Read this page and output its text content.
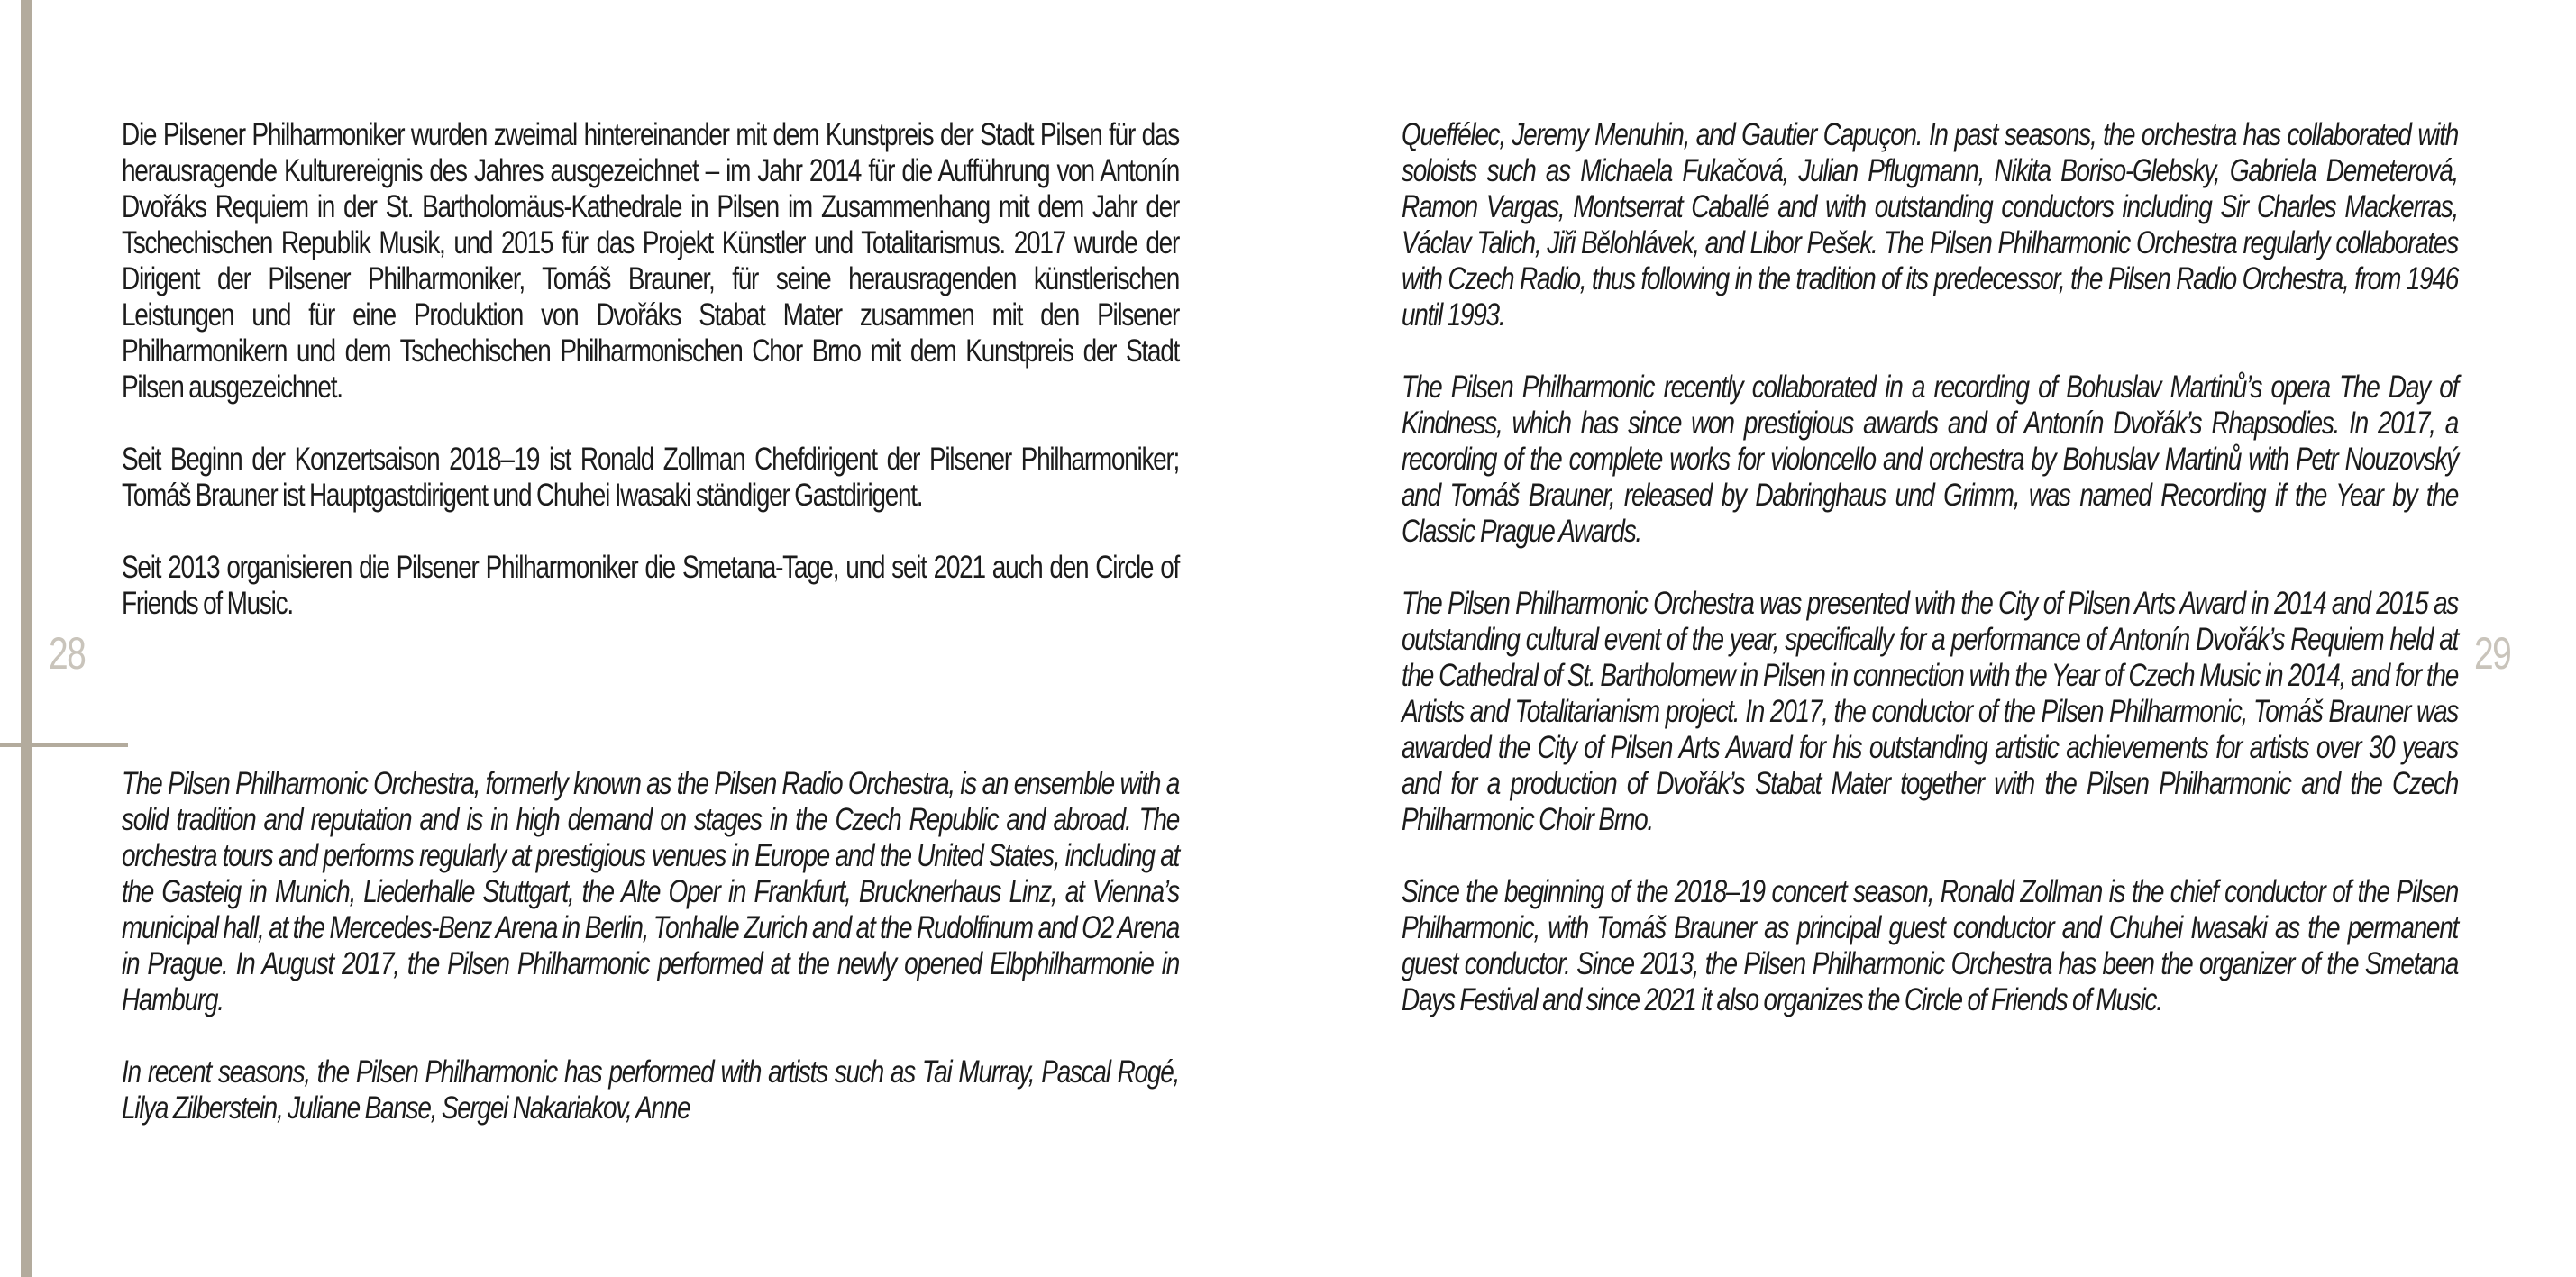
28	29

Die Pilsener Philharmoniker wurden zweimal hintereinander mit dem Kunstpreis der Stadt Pilsen für das herausragende Kulturereignis des Jahres ausgezeichnet – im Jahr 2014 für die Aufführung von Antonín Dvořáks Requiem in der St. Bartholomäus-Kathedrale in Pilsen im Zusammenhang mit dem Jahr der Tschechischen Republik Musik, und 2015 für das Projekt Künstler und Totalitarismus. 2017 wurde der Dirigent der Pilsener Philharmoniker, Tomáš Brauner, für seine herausragenden künstlerischen Leistungen und für eine Produktion von Dvořáks Stabat Mater zusammen mit den Pilsener Philharmonikern und dem Tschechischen Philharmonischen Chor Brno mit dem Kunstpreis der Stadt Pilsen ausgezeichnet.

Seit Beginn der Konzertsaison 2018–19 ist Ronald Zollman Chefdirigent der Pilsener Philharmoniker; Tomáš Brauner ist Hauptgastdirigent und Chuhei Iwasaki ständiger Gastdirigent.

Seit 2013 organisieren die Pilsener Philharmoniker die Smetana-Tage, und seit 2021 auch den Circle of Friends of Music.

The Pilsen Philharmonic Orchestra, formerly known as the Pilsen Radio Orchestra, is an ensemble with a solid tradition and reputation and is in high demand on stages in the Czech Republic and abroad. The orchestra tours and performs regularly at prestigious venues in Europe and the United States, including at the Gasteig in Munich, Liederhalle Stuttgart, the Alte Oper in Frankfurt, Brucknerhaus Linz, at Vienna’s municipal hall, at the Mercedes-Benz Arena in Berlin, Tonhalle Zurich and at the Rudolfinum and O2 Arena in Prague. In August 2017, the Pilsen Philharmonic performed at the newly opened Elbphilharmonie in Hamburg.

In recent seasons, the Pilsen Philharmonic has performed with artists such as Tai Murray, Pascal Rogé, Lilya Zilberstein, Juliane Banse, Sergei Nakariakov, Anne

Queffélec, Jeremy Menuhin, and Gautier Capuçon. In past seasons, the orchestra has collaborated with soloists such as Michaela Fukačová, Julian Pflugmann, Nikita Boriso-Glebsky, Gabriela Demeterová, Ramon Vargas, Montserrat Caballé and with outstanding conductors including Sir Charles Mackerras, Václav Talich, Jiři Bělohlávek, and Libor Pešek. The Pilsen Philharmonic Orchestra regularly collaborates with Czech Radio, thus following in the tradition of its predecessor, the Pilsen Radio Orchestra, from 1946 until 1993.

The Pilsen Philharmonic recently collaborated in a recording of Bohuslav Martinů’s opera The Day of Kindness, which has since won prestigious awards and of Antonín Dvořák’s Rhapsodies. In 2017, a recording of the complete works for violoncello and orchestra by Bohuslav Martinů with Petr Nouzovský and Tomáš Brauner, released by Dabringhaus und Grimm, was named Recording if the Year by the Classic Prague Awards.

The Pilsen Philharmonic Orchestra was presented with the City of Pilsen Arts Award in 2014 and 2015 as outstanding cultural event of the year, specifically for a performance of Antonín Dvořák’s Requiem held at the Cathedral of St. Bartholomew in Pilsen in connection with the Year of Czech Music in 2014, and for the Artists and Totalitarianism project. In 2017, the conductor of the Pilsen Philharmonic, Tomáš Brauner was awarded the City of Pilsen Arts Award for his outstanding artistic achievements for artists over 30 years and for a production of Dvořák’s Stabat Mater together with the Pilsen Philharmonic and the Czech Philharmonic Choir Brno.

Since the beginning of the 2018–19 concert season, Ronald Zollman is the chief conductor of the Pilsen Philharmonic, with Tomáš Brauner as principal guest conductor and Chuhei Iwasaki as the permanent guest conductor. Since 2013, the Pilsen Philharmonic Orchestra has been the organizer of the Smetana Days Festival and since 2021 it also organizes the Circle of Friends of Music.
